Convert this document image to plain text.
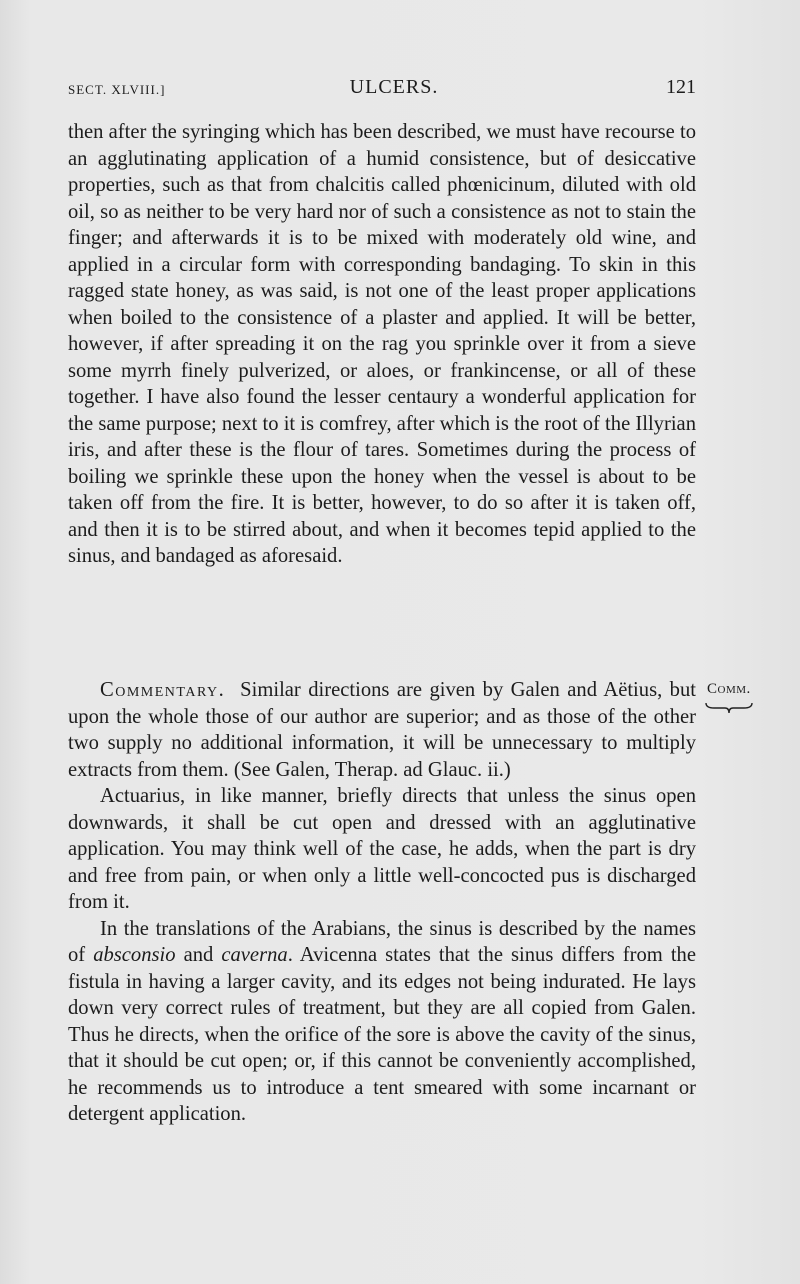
SECT. XLVIII.]	ULCERS.	121

then after the syringing which has been described, we must have recourse to an agglutinating application of a humid consistence, but of desiccative properties, such as that from chalcitis called phœnicinum, diluted with old oil, so as neither to be very hard nor of such a consistence as not to stain the finger; and afterwards it is to be mixed with moderately old wine, and applied in a circular form with corresponding bandaging. To skin in this ragged state honey, as was said, is not one of the least proper applications when boiled to the consistence of a plaster and applied. It will be better, however, if after spreading it on the rag you sprinkle over it from a sieve some myrrh finely pulverized, or aloes, or frankincense, or all of these together. I have also found the lesser centaury a wonderful application for the same purpose; next to it is comfrey, after which is the root of the Illyrian iris, and after these is the flour of tares. Sometimes during the process of boiling we sprinkle these upon the honey when the vessel is about to be taken off from the fire. It is better, however, to do so after it is taken off, and then it is to be stirred about, and when it becomes tepid applied to the sinus, and bandaged as aforesaid.

Commentary. Similar directions are given by Galen and Aëtius, but upon the whole those of our author are superior; and as those of the other two supply no additional information, it will be unnecessary to multiply extracts from them. (See Galen, Therap. ad Glauc. ii.)

Actuarius, in like manner, briefly directs that unless the sinus open downwards, it shall be cut open and dressed with an agglutinative application. You may think well of the case, he adds, when the part is dry and free from pain, or when only a little well-concocted pus is discharged from it.

In the translations of the Arabians, the sinus is described by the names of absconsio and caverna. Avicenna states that the sinus differs from the fistula in having a larger cavity, and its edges not being indurated. He lays down very correct rules of treatment, but they are all copied from Galen. Thus he directs, when the orifice of the sore is above the cavity of the sinus, that it should be cut open; or, if this cannot be conveniently accomplished, he recommends us to introduce a tent smeared with some incarnant or detergent application.

Comm.
